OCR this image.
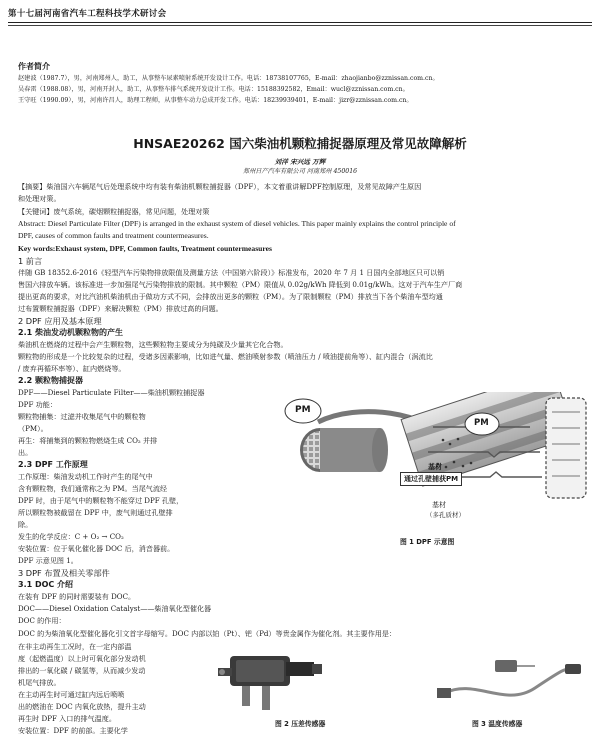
第十七届河南省汽车工程科技学术研讨会
作者简介
赵建波（1987.7），男，河南郑州人，助工，从事整车尿素喷射系统开发设计工作。电话：18738107765，E-mail：zhaojianbo@zznissan.com.cn。
吴春雷（1988.08），男，河南开封人，助工，从事整车排气系统开发设计工作。电话：15188392582，Email：wucl@zznissan.com.cn。
王守旺（1990.09），男，河南许昌人，助理工程师，从事整车动力总成开发工作。电话：18239939401，E-mail：jizr@zznissan.com.cn。
HNSAE20262 国六柴油机颗粒捕捉器原理及常见故障解析
刘洋 宋兴远 万辉
郑州日产汽车有限公司 河南郑州 450016
【摘要】柴油国六车辆尾气后处理系统中均有装有柴油机颗粒捕捉器（DPF），本文着重讲解DPF控制原理，及常见故障产生原因
和处理对策。
【关键词】废气系统，碳烟颗粒捕捉器，常见问题，处理对策
Abstract: Diesel Particulate Filter (DPF) is arranged in the exhaust system of diesel vehicles. This paper mainly explains the control principle of
DPF, causes of common faults and treatment countermeasures.
Key words:Exhaust system, DPF, Common faults, Treatment countermeasures
1 前言
伴随 GB 18352.6-2016《轻型汽车污染物排放限值及测量方法（中国第六阶段）》标准发布，2020 年 7 月 1 日国内全部地区只可以销
售国六排放车辆。该标准进一步加强尾气污染物排放的限制。其中颗粒（PM）限值从 0.02g/kWh 降低到 0.01g/kWh。这对于汽车生产厂商
提出更高的要求，对比汽油机柴油机由于做功方式不同，会排放出更多的颗粒（PM）。为了限制颗粒（PM）排放当下各个柴油车型均通
过布置颗粒捕捉器（DPF）来解决颗粒（PM）排放过高的问题。
2 DPF 应用及基本原理
2.1 柴油发动机颗粒物的产生
柴油机在燃烧的过程中会产生颗粒物，这些颗粒物主要成分为纯碳及少量其它化合物。
颗粒物的形成是一个比较复杂的过程，受诸多因素影响，比如进气量、燃油喷射参数（喷油压力 / 喷油提前角等）、缸内混合（涡流比
/ 废弃再循环率等）、缸内燃烧等。
2.2 颗粒物捕捉器
DPF——Diesel Particulate Filter——柴油机颗粒捕捉器
DPF 功能：
颗粒物捕集：过滤并收集尾气中的颗粒物
（PM）。
再生：将捕集到的颗粒物燃烧生成 CO₂ 并排
出。
2.3 DPF 工作原理
工作原理：柴油发动机工作时产生的尾气中
含有颗粒物，我们通常称之为 PM。当尾气流经
DPF 时，由于尾气中的颗粒物不能穿过 DPF 孔壁，
所以颗粒物被截留在 DPF 中，废气则通过孔壁排
除。
发生的化学反应：C + O₂ → CO₂
安装位置：位于氧化催化器 DOC 后，消音器前。
DPF 示意见图 1。
3 DPF 布置及相关零部件
3.1 DOC 介绍
在装有 DPF 的同时需要装有 DOC。
DOC——Diesel Oxidation Catalyst——柴油氧化型催化器
DOC 的作用：
DOC 的为柴油氧化型催化器化引文首字母缩写。DOC 内部以铂（Pt）、钯（Pd）等贵金属作为催化剂。其主要作用是：
在非主动再生工况时，在一定内部温
度（起燃温度）以上时可氧化部分发动机
排出的一氧化碳 / 碳氢等，从而减少发动
机尾气排放。
在主动再生时可通过缸内远后喷喷
出的燃油在 DOC 内氧化放热，提升主动
再生时 DPF 入口的排气温度。
安装位置：DPF 的前部。主要化学
PM
PM
基材
通过孔壁捕获PM
基材
（多孔质材）
图 1 DPF 示意图
图 2 压差传感器	图 3 温度传感器
